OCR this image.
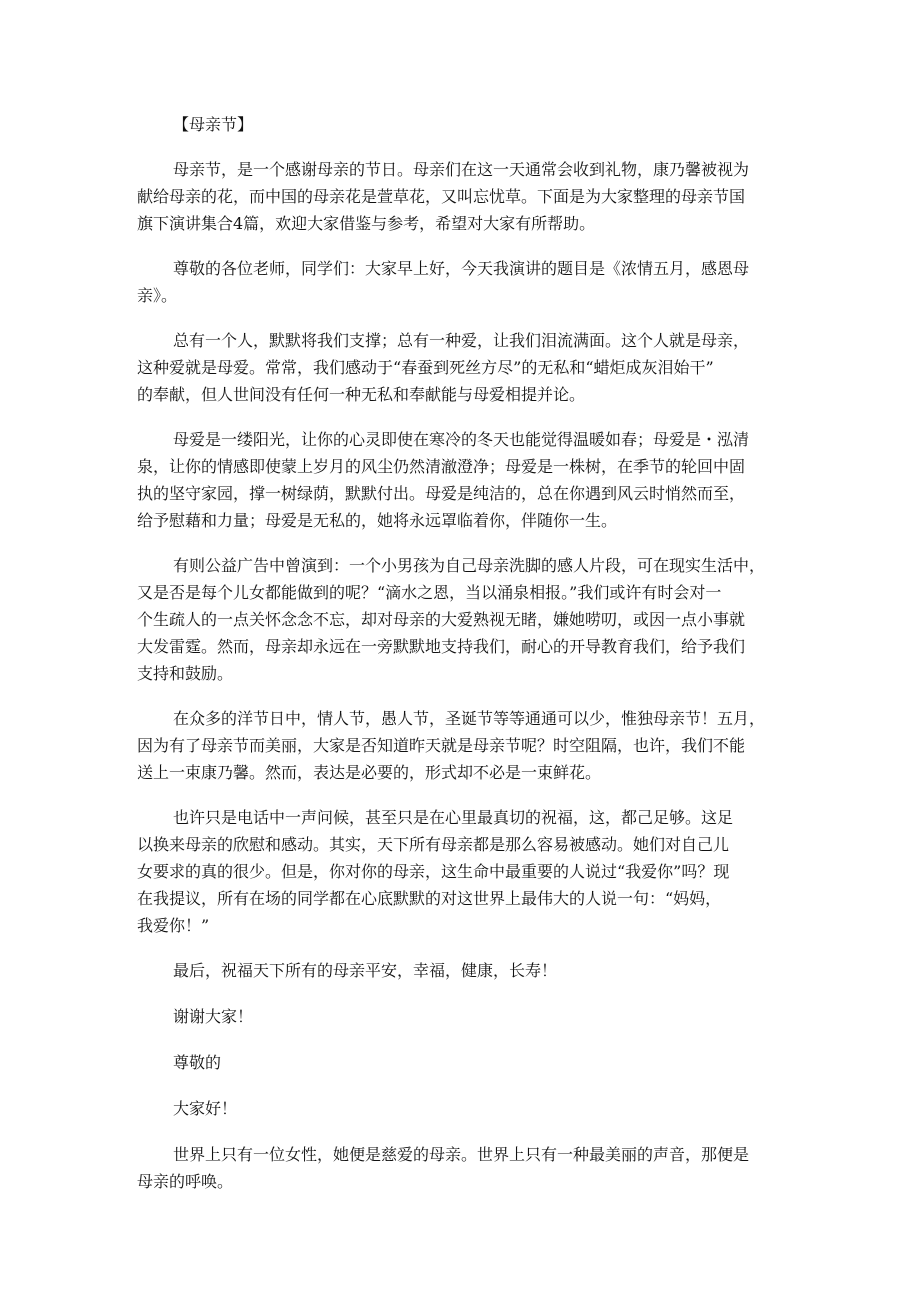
【母亲节】

母亲节，是一个感谢母亲的节日。母亲们在这一天通常会收到礼物，康乃馨被视为

献给母亲的花，而中国的母亲花是萱草花，又叫忘忧草。下面是为大家整理的母亲节国

旗下演讲集合4篇，欢迎大家借鉴与参考，希望对大家有所帮助。

尊敬的各位老师，同学们：大家早上好，今天我演讲的题目是《浓情五月，感恩母

亲》。

总有一个人，默默将我们支撑；总有一种爱，让我们泪流满面。这个人就是母亲，

这种爱就是母爱。常常，我们感动于“春蚕到死丝方尽”的无私和“蜡炬成灰泪始干”

的奉献，但人世间没有任何一种无私和奉献能与母爱相提并论。

母爱是一缕阳光，让你的心灵即使在寒冷的冬天也能觉得温暖如春；母爱是・泓清

泉，让你的情感即使蒙上岁月的风尘仍然清澈澄净；母爱是一株树，在季节的轮回中固

执的坚守家园，撑一树绿荫，默默付出。母爱是纯洁的，总在你遇到风云时悄然而至，

给予慰藉和力量；母爱是无私的，她将永远罩临着你，伴随你一生。

有则公益广告中曾演到：一个小男孩为自己母亲洗脚的感人片段，可在现实生活中，

又是否是每个儿女都能做到的呢？“滴水之恩，当以涌泉相报。”我们或许有时会对一

个生疏人的一点关怀念念不忘，却对母亲的大爱熟视无睹，嫌她唠叨，或因一点小事就

大发雷霆。然而，母亲却永远在一旁默默地支持我们，耐心的开导教育我们，给予我们

支持和鼓励。

在众多的洋节日中，情人节，愚人节，圣诞节等等通通可以少，惟独母亲节！五月，

因为有了母亲节而美丽，大家是否知道昨天就是母亲节呢？时空阻隔，也许，我们不能

送上一束康乃馨。然而，表达是必要的，形式却不必是一束鲜花。

也许只是电话中一声问候，甚至只是在心里最真切的祝福，这，都己足够。这足

以换来母亲的欣慰和感动。其实，天下所有母亲都是那么容易被感动。她们对自己儿

女要求的真的很少。但是，你对你的母亲，这生命中最重要的人说过“我爱你”吗？现

在我提议，所有在场的同学都在心底默默的对这世界上最伟大的人说一句：“妈妈，

我爱你！”

最后，祝福天下所有的母亲平安，幸福，健康，长寿！

谢谢大家！

尊敬的

大家好！

世界上只有一位女性，她便是慈爱的母亲。世界上只有一种最美丽的声音，那便是

母亲的呼唤。
